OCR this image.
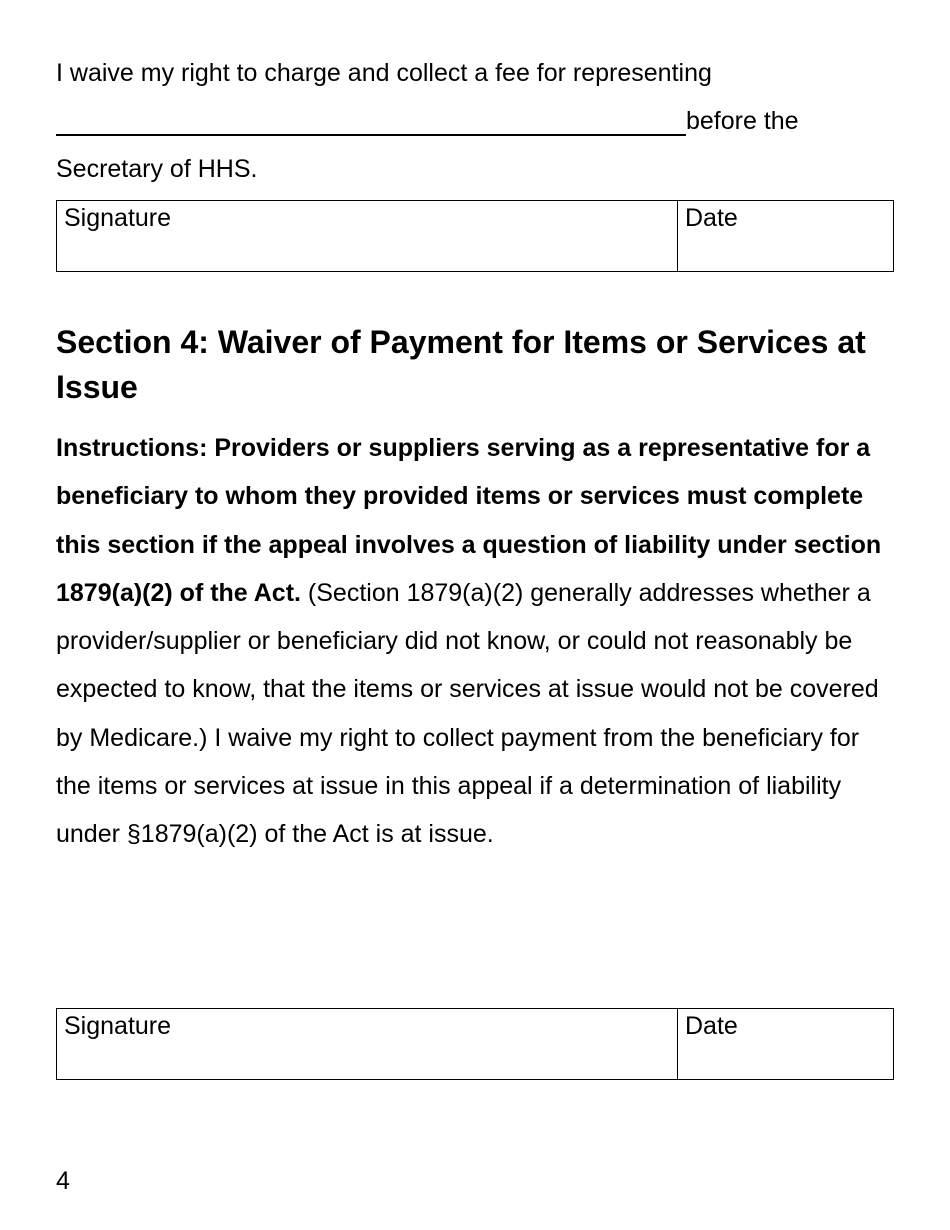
I waive my right to charge and collect a fee for representing
before the
Secretary of HHS.
Signature	Date
Section 4: Waiver of Payment for Items or Services at Issue

Instructions: Providers or suppliers serving as a representative for a beneficiary to whom they provided items or services must complete this section if the appeal involves a question of liability under section 1879(a)(2) of the Act. (Section 1879(a)(2) generally addresses whether a provider/supplier or beneficiary did not know, or could not reasonably be expected to know, that the items or services at issue would not be covered by Medicare.) I waive my right to collect payment from the beneficiary for the items or services at issue in this appeal if a determination of liability under §1879(a)(2) of the Act is at issue.

Signature	Date
4
